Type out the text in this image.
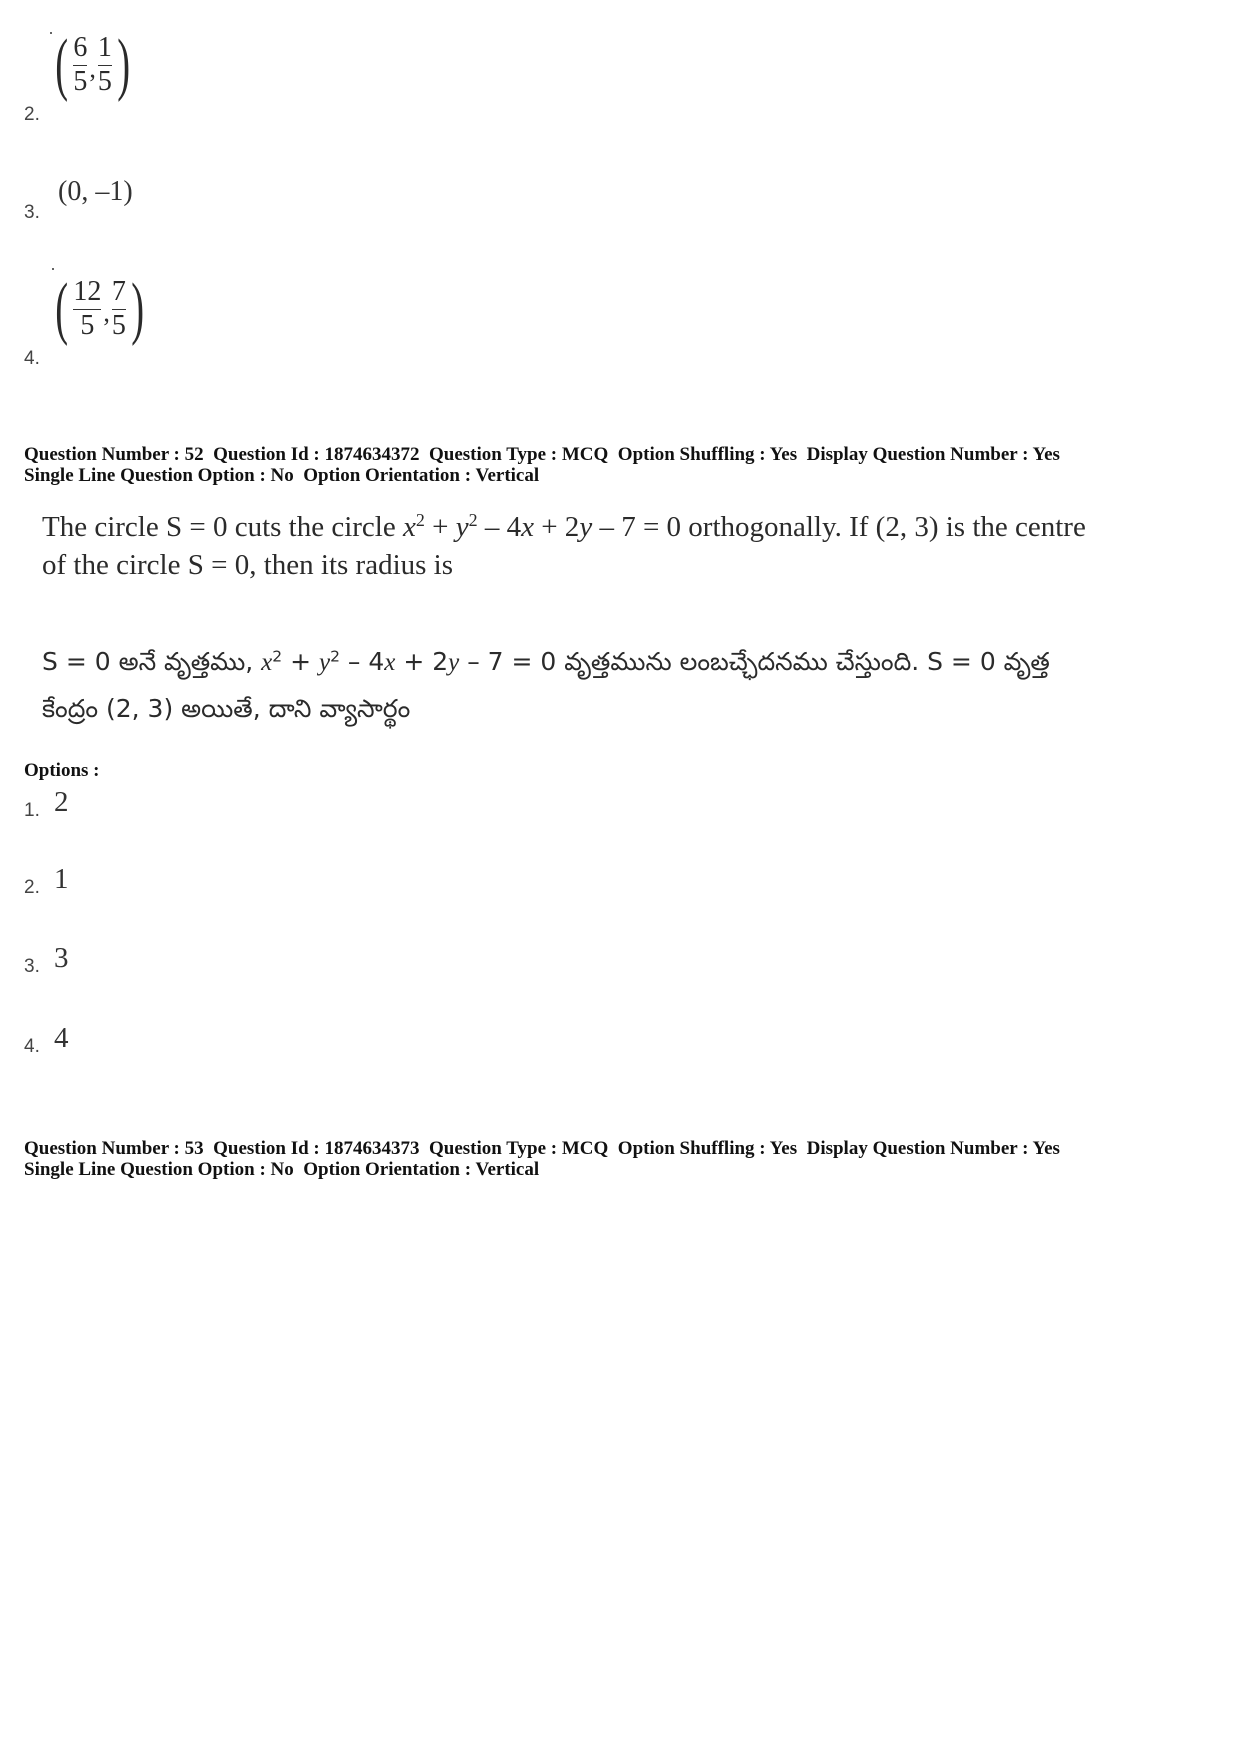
2.
( $\frac{6}{5}$ , $\frac{1}{5}$ )
3.
(0, –1)
4.
( $\frac{12}{5}$ , $\frac{7}{5}$ )
Question Number : 52  Question Id : 1874634372  Question Type : MCQ  Option Shuffling : Yes  Display Question Number : Yes
Single Line Question Option : No  Option Orientation : Vertical
The circle S = 0 cuts the circle $x^2 + y^2 - 4x + 2y - 7 = 0$ orthogonally. If (2, 3) is the centre
of the circle S = 0, then its radius is
S = 0 అనే వృత్తము, $x^2 + y^2 - 4x + 2y - 7 = 0$ వృత్తమును లంబచ్ఛేదనము చేస్తుంది. S = 0 వృత్త
కేంద్రం (2, 3) అయితే, దాని వ్యాసార్థం
Options :
1. 2
2. 1
3. 3
4. 4
Question Number : 53  Question Id : 1874634373  Question Type : MCQ  Option Shuffling : Yes  Display Question Number : Yes
Single Line Question Option : No  Option Orientation : Vertical
